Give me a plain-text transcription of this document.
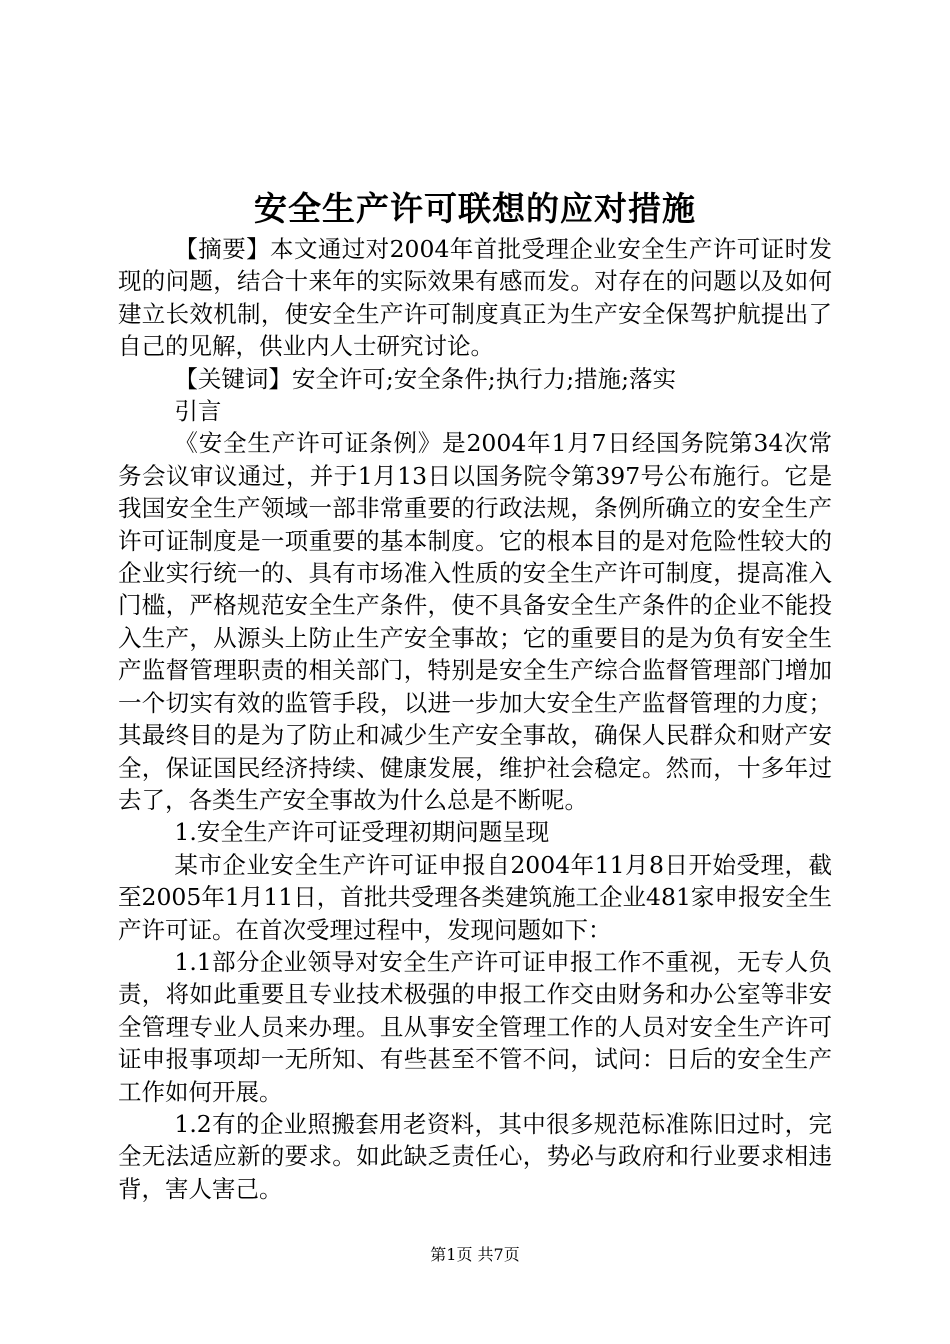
安全生产许可联想的应对措施

【摘要】本文通过对2004年首批受理企业安全生产许可证时发现的问题，结合十来年的实际效果有感而发。对存在的问题以及如何建立长效机制，使安全生产许可制度真正为生产安全保驾护航提出了自己的见解，供业内人士研究讨论。

【关键词】安全许可;安全条件;执行力;措施;落实

引言

《安全生产许可证条例》是2004年1月7日经国务院第34次常务会议审议通过，并于1月13日以国务院令第397号公布施行。它是我国安全生产领域一部非常重要的行政法规，条例所确立的安全生产许可证制度是一项重要的基本制度。它的根本目的是对危险性较大的企业实行统一的、具有市场准入性质的安全生产许可制度，提高准入门槛，严格规范安全生产条件，使不具备安全生产条件的企业不能投入生产，从源头上防止生产安全事故；它的重要目的是为负有安全生产监督管理职责的相关部门，特别是安全生产综合监督管理部门增加一个切实有效的监管手段，以进一步加大安全生产监督管理的力度；其最终目的是为了防止和减少生产安全事故，确保人民群众和财产安全，保证国民经济持续、健康发展，维护社会稳定。然而，十多年过去了，各类生产安全事故为什么总是不断呢。

1.安全生产许可证受理初期问题呈现

某市企业安全生产许可证申报自2004年11月8日开始受理，截至2005年1月11日，首批共受理各类建筑施工企业481家申报安全生产许可证。在首次受理过程中，发现问题如下：

1.1部分企业领导对安全生产许可证申报工作不重视，无专人负责，将如此重要且专业技术极强的申报工作交由财务和办公室等非安全管理专业人员来办理。且从事安全管理工作的人员对安全生产许可证申报事项却一无所知、有些甚至不管不问，试问：日后的安全生产工作如何开展。

1.2有的企业照搬套用老资料，其中很多规范标准陈旧过时，完全无法适应新的要求。如此缺乏责任心，势必与政府和行业要求相违背，害人害己。

第1页 共7页
